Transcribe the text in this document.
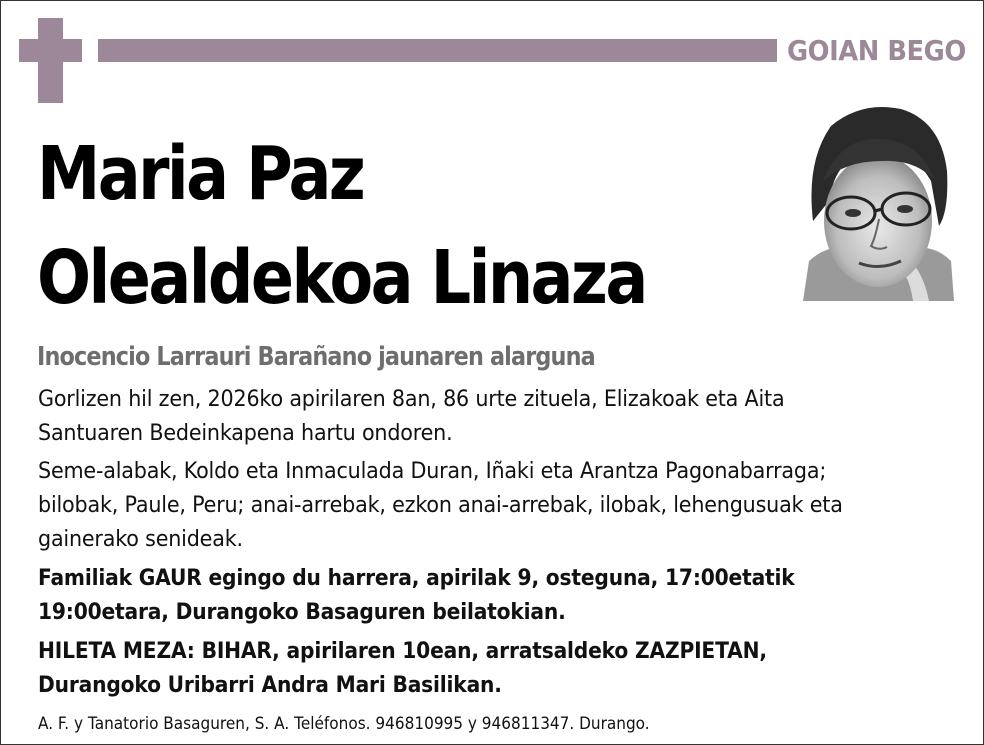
GOIAN BEGO
Maria Paz
Olealdekoa Linaza
Inocencio Larrauri Barañano jaunaren alarguna
Gorlizen hil zen, 2026ko apirilaren 8an, 86 urte zituela, Elizakoak eta Aita
Santuaren Bedeinkapena hartu ondoren.
Seme-alabak, Koldo eta Inmaculada Duran, Iñaki eta Arantza Pagonabarraga;
bilobak, Paule, Peru; anai-arrebak, ezkon anai-arrebak, ilobak, lehengusuak eta
gainerako senideak.
Familiak GAUR egingo du harrera, apirilak 9, osteguna, 17:00etatik
19:00etara, Durangoko Basaguren beilatokian.
HILETA MEZA: BIHAR, apirilaren 10ean, arratsaldeko ZAZPIETAN,
Durangoko Uribarri Andra Mari Basilikan.
A. F. y Tanatorio Basaguren, S. A. Teléfonos. 946810995 y 946811347. Durango.
